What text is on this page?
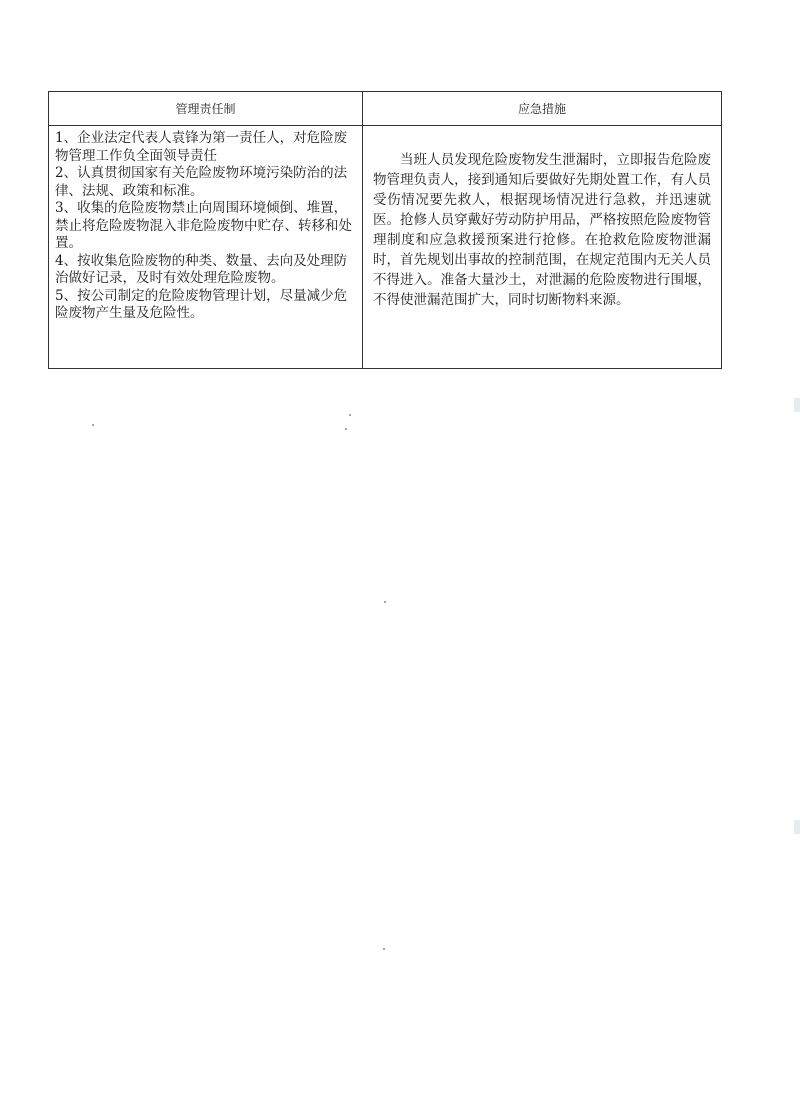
管理责任制	应急措施

1、企业法定代表人袁锋为第一责任人，对危险废物管理工作负全面领导责任

2、认真贯彻国家有关危险废物环境污染防治的法律、法规、政策和标准。

3、收集的危险废物禁止向周围环境倾倒、堆置，禁止将危险废物混入非危险废物中贮存、转移和处置。

4、按收集危险废物的种类、数量、去向及处理防治做好记录，及时有效处理危险废物。

5、按公司制定的危险废物管理计划，尽量减少危险废物产生量及危险性。	当班人员发现危险废物发生泄漏时，立即报告危险废物管理负责人，接到通知后要做好先期处置工作，有人员受伤情况要先救人，根据现场情况进行急救，并迅速就医。抢修人员穿戴好劳动防护用品，严格按照危险废物管理制度和应急救援预案进行抢修。在抢救危险废物泄漏时，首先规划出事故的控制范围，在规定范围内无关人员不得进入。准备大量沙土，对泄漏的危险废物进行围堰，不得使泄漏范围扩大，同时切断物料来源。
